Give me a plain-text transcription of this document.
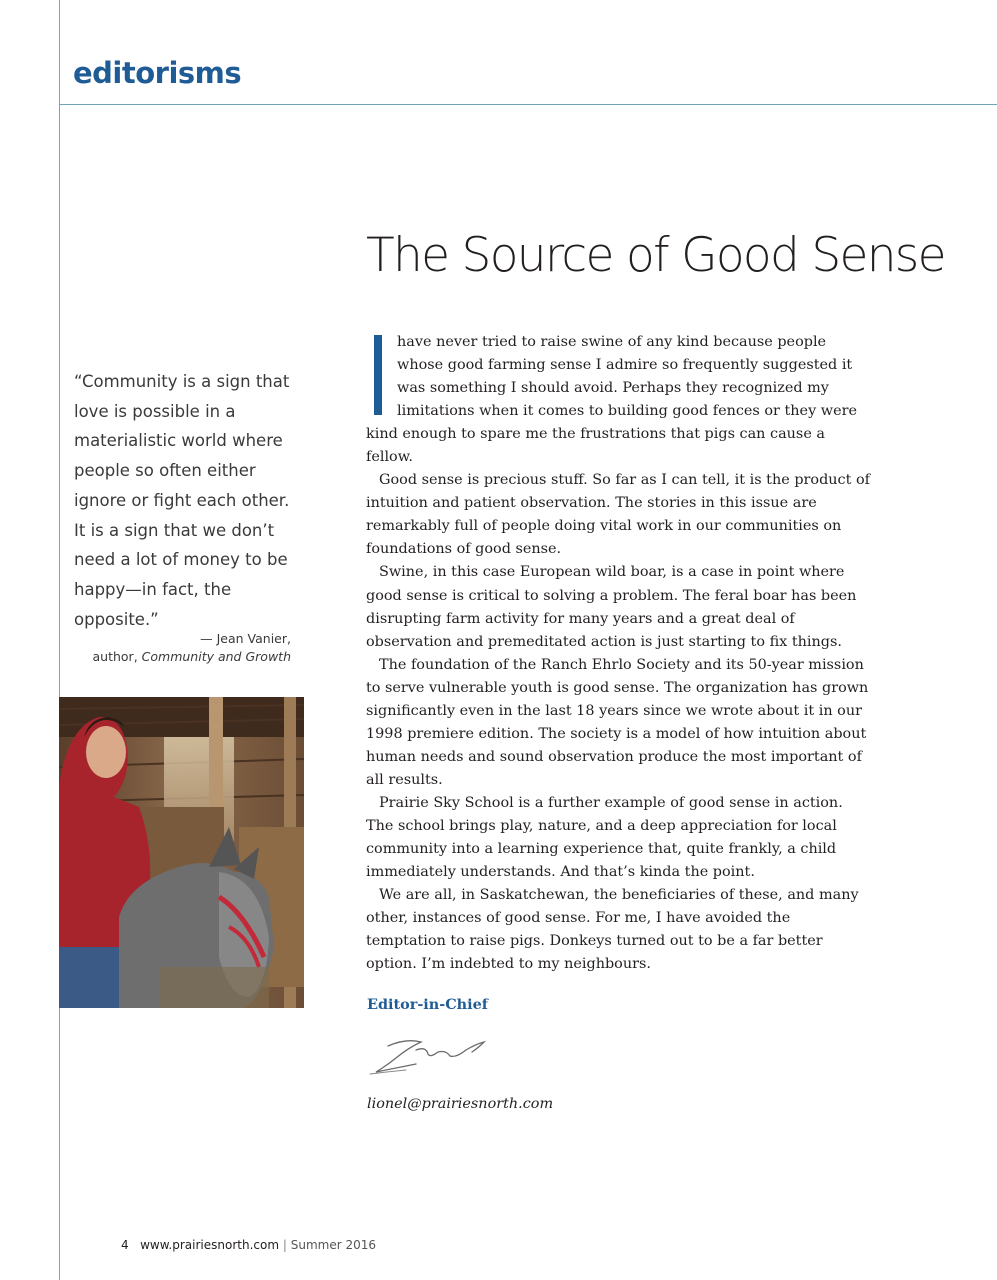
editorisms
The Source of Good Sense

“Community is a sign that love is possible in a materialistic world where people so often either ignore or fight each other. It is a sign that we don’t need a lot of money to be happy—in fact, the opposite.”

— Jean Vanier,
author, Community and Growth

have never tried to raise swine of any kind because people whose good farming sense I admire so frequently suggested it was something I should avoid. Perhaps they recognized my limitations when it comes to building good fences or they were kind enough to spare me the frustrations that pigs can cause a fellow.

Good sense is precious stuff. So far as I can tell, it is the product of intuition and patient observation. The stories in this issue are remarkably full of people doing vital work in our communities on foundations of good sense.

Swine, in this case European wild boar, is a case in point where good sense is critical to solving a problem. The feral boar has been disrupting farm activity for many years and a great deal of observation and premeditated action is just starting to fix things.

The foundation of the Ranch Ehrlo Society and its 50-year mission to serve vulnerable youth is good sense. The organization has grown significantly even in the last 18 years since we wrote about it in our 1998 premiere edition. The society is a model of how intuition about human needs and sound observation produce the most important of all results.

Prairie Sky School is a further example of good sense in action. The school brings play, nature, and a deep appreciation for local community into a learning experience that, quite frankly, a child immediately understands. And that’s kinda the point.

We are all, in Saskatchewan, the beneficiaries of these, and many other, instances of good sense. For me, I have avoided the temptation to raise pigs. Donkeys turned out to be a far better option. I’m indebted to my neighbours.

Editor-in-Chief

lionel@prairiesnorth.com

4 www.prairiesnorth.com | Summer 2016
